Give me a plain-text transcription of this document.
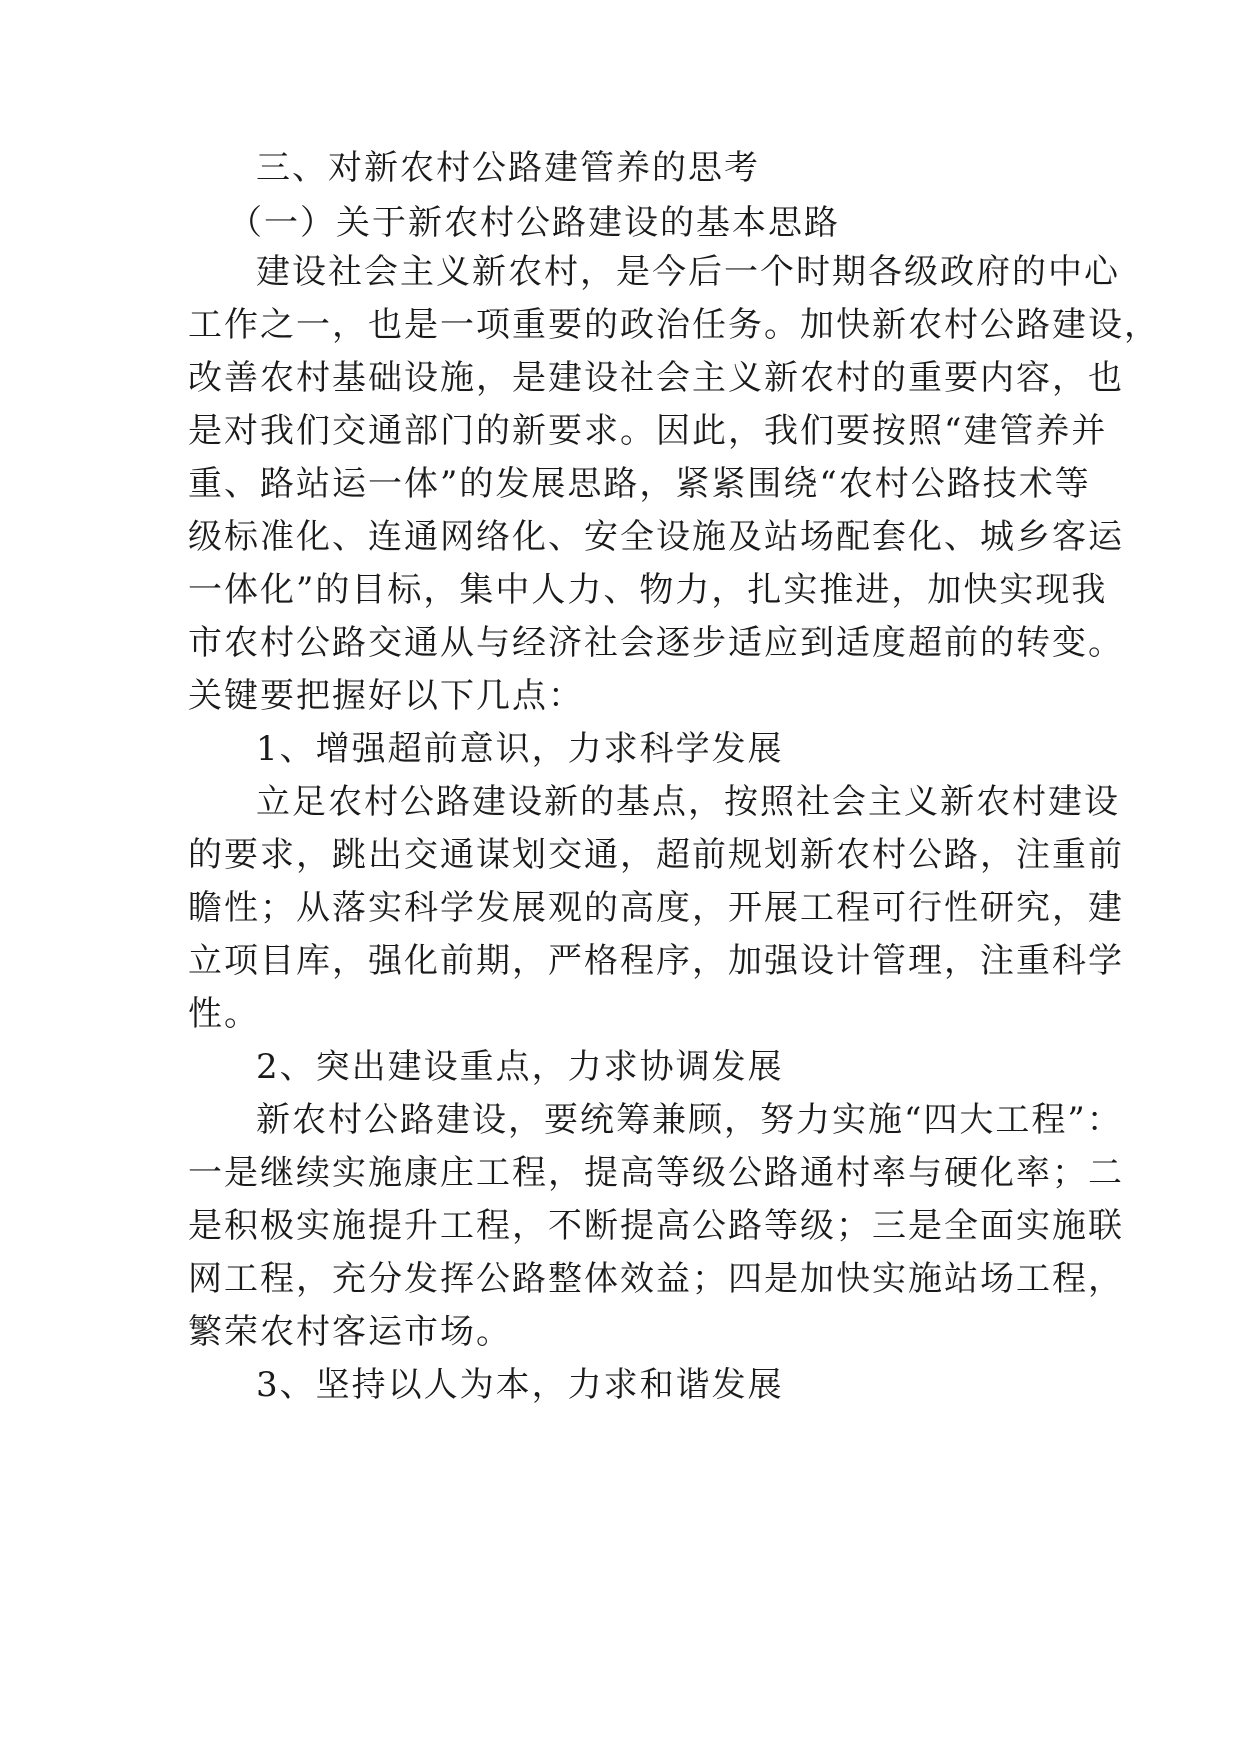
三、对新农村公路建管养的思考
（一）关于新农村公路建设的基本思路
建设社会主义新农村，是今后一个时期各级政府的中心
工作之一，也是一项重要的政治任务。加快新农村公路建设，
改善农村基础设施，是建设社会主义新农村的重要内容，也
是对我们交通部门的新要求。因此，我们要按照“建管养并
重、路站运一体”的发展思路，紧紧围绕“农村公路技术等
级标准化、连通网络化、安全设施及站场配套化、城乡客运
一体化”的目标，集中人力、物力，扎实推进，加快实现我
市农村公路交通从与经济社会逐步适应到适度超前的转变。
关键要把握好以下几点：
1、增强超前意识，力求科学发展
立足农村公路建设新的基点，按照社会主义新农村建设
的要求，跳出交通谋划交通，超前规划新农村公路，注重前
瞻性；从落实科学发展观的高度，开展工程可行性研究，建
立项目库，强化前期，严格程序，加强设计管理，注重科学
性。
2、突出建设重点，力求协调发展
新农村公路建设，要统筹兼顾，努力实施“四大工程”：
一是继续实施康庄工程，提高等级公路通村率与硬化率；二
是积极实施提升工程，不断提高公路等级；三是全面实施联
网工程，充分发挥公路整体效益；四是加快实施站场工程，
繁荣农村客运市场。
3、坚持以人为本，力求和谐发展
